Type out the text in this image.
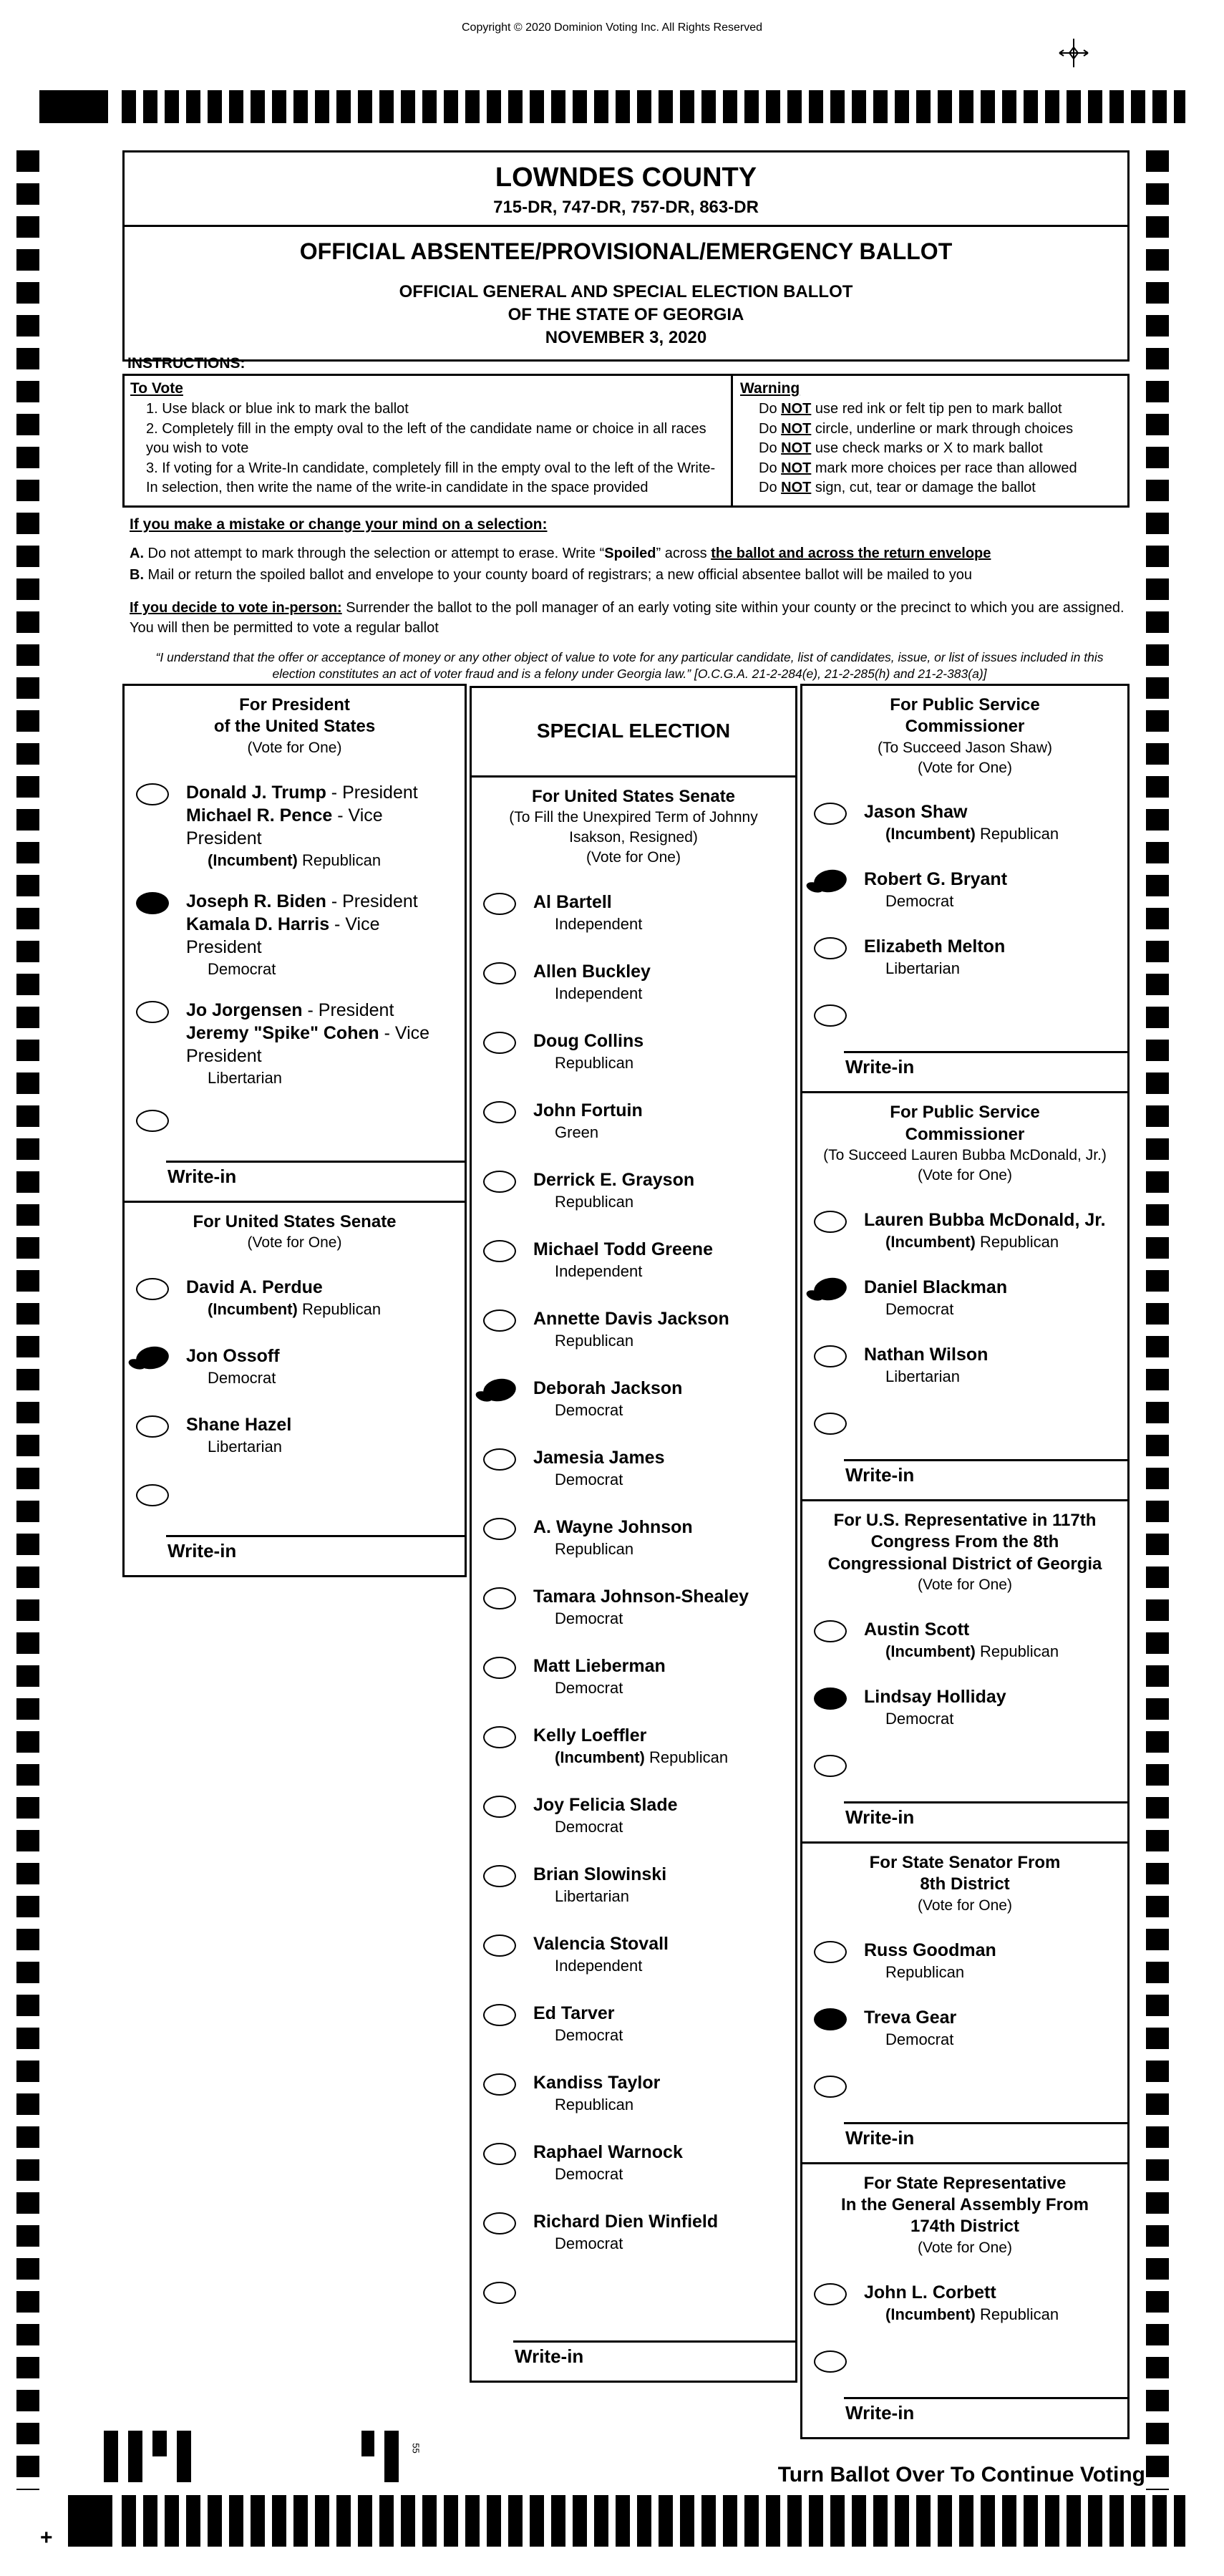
Copyright © 2020 Dominion Voting Inc. All Rights Reserved
LOWNDES COUNTY
715-DR, 747-DR, 757-DR, 863-DR
OFFICIAL ABSENTEE/PROVISIONAL/EMERGENCY BALLOT
OFFICIAL GENERAL AND SPECIAL ELECTION BALLOT
OF THE STATE OF GEORGIA
NOVEMBER 3, 2020
INSTRUCTIONS:
To Vote
1. Use black or blue ink to mark the ballot
2. Completely fill in the empty oval to the left of the candidate name or choice in all races you wish to vote
3. If voting for a Write-In candidate, completely fill in the empty oval to the left of the Write-In selection, then write the name of the write-in candidate in the space provided
Warning
Do NOT use red ink or felt tip pen to mark ballot
Do NOT circle, underline or mark through choices
Do NOT use check marks or X to mark ballot
Do NOT mark more choices per race than allowed
Do NOT sign, cut, tear or damage the ballot
If you make a mistake or change your mind on a selection:
A. Do not attempt to mark through the selection or attempt to erase. Write “Spoiled” across the ballot and across the return envelope
B. Mail or return the spoiled ballot and envelope to your county board of registrars; a new official absentee ballot will be mailed to you
If you decide to vote in-person: Surrender the ballot to the poll manager of an early voting site within your county or the precinct to which you are assigned. You will then be permitted to vote a regular ballot
“I understand that the offer or acceptance of money or any other object of value to vote for any particular candidate, list of candidates, issue, or list of issues included in this election constitutes an act of voter fraud and is a felony under Georgia law.” [O.C.G.A. 21-2-284(e), 21-2-285(h) and 21-2-383(a)]
For President
of the United States
(Vote for One)
Donald J. Trump - President
Michael R. Pence - Vice President
(Incumbent) Republican
Joseph R. Biden - President
Kamala D. Harris - Vice President
Democrat
Jo Jorgensen - President
Jeremy "Spike" Cohen - Vice President
Libertarian
Write-in
For United States Senate
(Vote for One)
David A. Perdue
(Incumbent) Republican
Jon Ossoff
Democrat
Shane Hazel
Libertarian
Write-in
SPECIAL ELECTION
For United States Senate
(To Fill the Unexpired Term of Johnny
Isakson, Resigned)
(Vote for One)
Al Bartell
Independent
Allen Buckley
Independent
Doug Collins
Republican
John Fortuin
Green
Derrick E. Grayson
Republican
Michael Todd Greene
Independent
Annette Davis Jackson
Republican
Deborah Jackson
Democrat
Jamesia James
Democrat
A. Wayne Johnson
Republican
Tamara Johnson-Shealey
Democrat
Matt Lieberman
Democrat
Kelly Loeffler
(Incumbent) Republican
Joy Felicia Slade
Democrat
Brian Slowinski
Libertarian
Valencia Stovall
Independent
Ed Tarver
Democrat
Kandiss Taylor
Republican
Raphael Warnock
Democrat
Richard Dien Winfield
Democrat
Write-in
For Public Service
Commissioner
(To Succeed Jason Shaw)
(Vote for One)
Jason Shaw
(Incumbent) Republican
Robert G. Bryant
Democrat
Elizabeth Melton
Libertarian
Write-in
For Public Service
Commissioner
(To Succeed Lauren Bubba McDonald, Jr.)
(Vote for One)
Lauren Bubba McDonald, Jr.
(Incumbent) Republican
Daniel Blackman
Democrat
Nathan Wilson
Libertarian
Write-in
For U.S. Representative in 117th
Congress From the 8th
Congressional District of Georgia
(Vote for One)
Austin Scott
(Incumbent) Republican
Lindsay Holliday
Democrat
Write-in
For State Senator From
8th District
(Vote for One)
Russ Goodman
Republican
Treva Gear
Democrat
Write-in
For State Representative
In the General Assembly From
174th District
(Vote for One)
John L. Corbett
(Incumbent) Republican
Write-in
55
Turn Ballot Over To Continue Voting
+
